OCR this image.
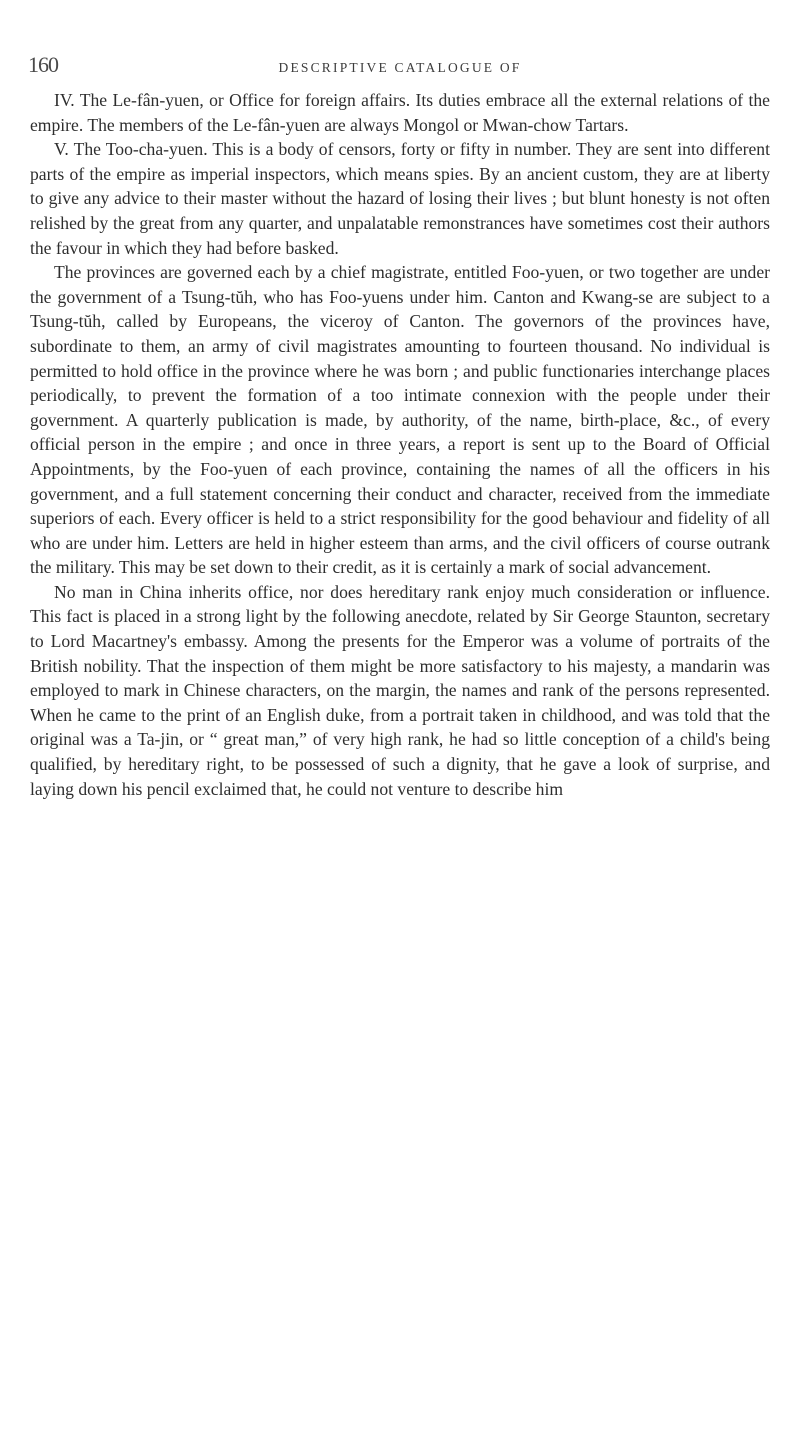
160	DESCRIPTIVE CATALOGUE OF

IV. The Le-fân-yuen, or Office for foreign affairs. Its duties embrace all the external relations of the empire. The members of the Le-fân-yuen are always Mongol or Mwan-chow Tartars.

V. The Too-cha-yuen. This is a body of censors, forty or fifty in number. They are sent into different parts of the empire as imperial inspectors, which means spies. By an ancient custom, they are at liberty to give any advice to their master without the hazard of losing their lives ; but blunt honesty is not often relished by the great from any quarter, and unpalatable remonstrances have sometimes cost their authors the favour in which they had before basked.

The provinces are governed each by a chief magistrate, entitled Foo-yuen, or two together are under the government of a Tsung-tŭh, who has Foo-yuens under him. Canton and Kwang-se are subject to a Tsung-tŭh, called by Europeans, the viceroy of Canton. The governors of the provinces have, subordinate to them, an army of civil magistrates amounting to fourteen thousand. No individual is permitted to hold office in the province where he was born ; and public functionaries interchange places periodically, to prevent the formation of a too intimate connexion with the people under their government. A quarterly publication is made, by authority, of the name, birth-place, &c., of every official person in the empire ; and once in three years, a report is sent up to the Board of Official Appointments, by the Foo-yuen of each province, containing the names of all the officers in his government, and a full statement concerning their conduct and character, received from the immediate superiors of each. Every officer is held to a strict responsibility for the good behaviour and fidelity of all who are under him. Letters are held in higher esteem than arms, and the civil officers of course outrank the military. This may be set down to their credit, as it is certainly a mark of social advancement.

No man in China inherits office, nor does hereditary rank enjoy much consideration or influence. This fact is placed in a strong light by the following anecdote, related by Sir George Staunton, secretary to Lord Macartney's embassy. Among the presents for the Emperor was a volume of portraits of the British nobility. That the inspection of them might be more satisfactory to his majesty, a mandarin was employed to mark in Chinese characters, on the margin, the names and rank of the persons represented. When he came to the print of an English duke, from a portrait taken in childhood, and was told that the original was a Ta-jin, or “ great man,” of very high rank, he had so little conception of a child's being qualified, by hereditary right, to be possessed of such a dignity, that he gave a look of surprise, and laying down his pencil exclaimed that, he could not venture to describe him
